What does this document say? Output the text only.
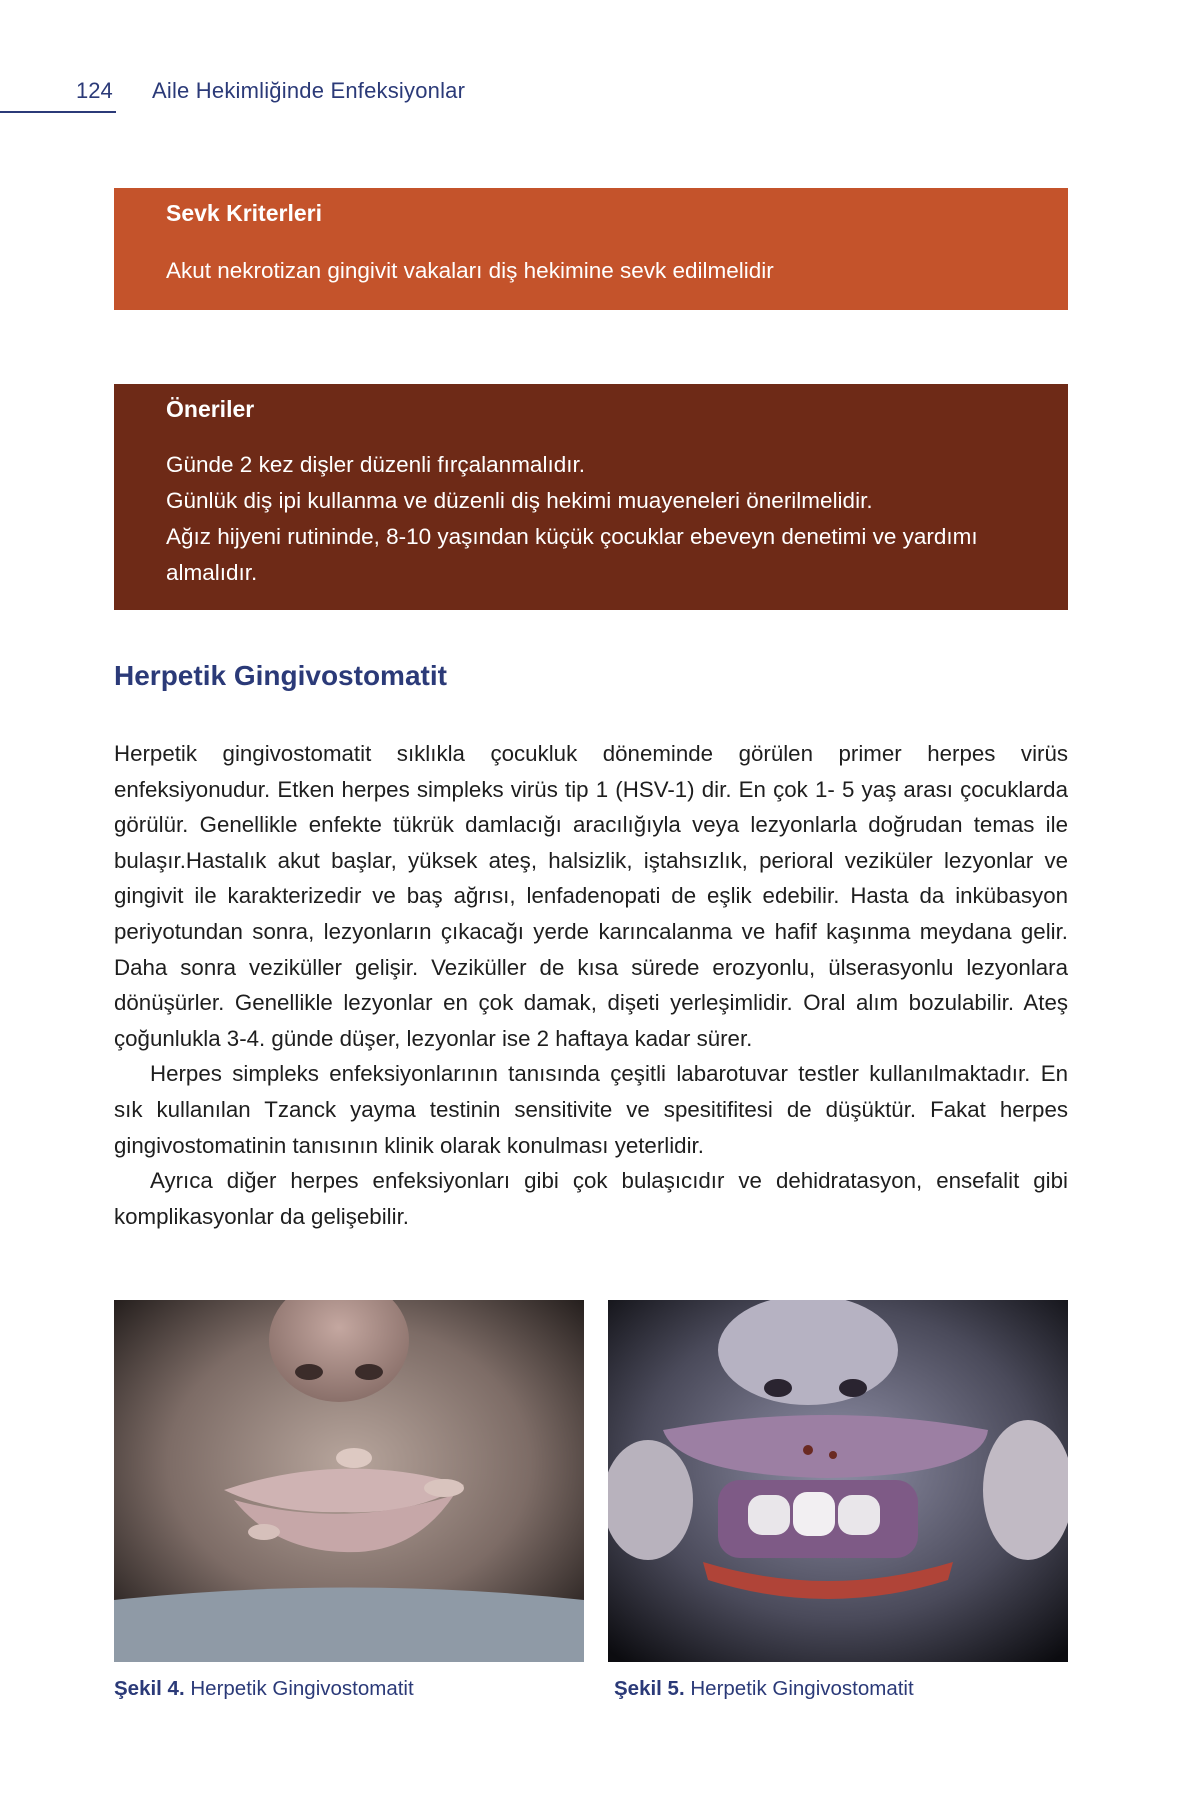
124 Aile Hekimliğinde Enfeksiyonlar
Sevk Kriterleri
Akut nekrotizan gingivit vakaları diş hekimine sevk edilmelidir
Öneriler
Günde 2 kez dişler düzenli fırçalanmalıdır.
Günlük diş ipi kullanma ve düzenli diş hekimi muayeneleri önerilmelidir.
Ağız hijyeni rutininde, 8-10 yaşından küçük çocuklar ebeveyn denetimi ve yardımı almalıdır.
Herpetik Gingivostomatit

Herpetik gingivostomatit sıklıkla çocukluk döneminde görülen primer herpes virüs enfeksiyonudur. Etken herpes simpleks virüs tip 1 (HSV-1) dir. En çok 1- 5 yaş arası çocuklarda görülür. Genellikle enfekte tükrük damlacığı aracılığıyla veya lezyonlarla doğrudan temas ile bulaşır.Hastalık akut başlar, yüksek ateş, halsizlik, iştahsızlık, perioral veziküler lezyonlar ve gingivit ile karakterizedir ve baş ağrısı, lenfadenopati de eşlik edebilir. Hasta da inkübasyon periyotundan sonra, lezyonların çıkacağı yerde karıncalanma ve hafif kaşınma meydana gelir. Daha sonra veziküller gelişir. Veziküller de kısa sürede erozyonlu, ülserasyonlu lezyonlara dönüşürler. Genellikle lezyonlar en çok damak, dişeti yerleşimlidir. Oral alım bozulabilir. Ateş çoğunlukla 3-4. günde düşer, lezyonlar ise 2 haftaya kadar sürer.

Herpes simpleks enfeksiyonlarının tanısında çeşitli labarotuvar testler kullanılmaktadır. En sık kullanılan Tzanck yayma testinin sensitivite ve spesitifitesi de düşüktür. Fakat herpes gingivostomatinin tanısının klinik olarak konulması yeterlidir.

Ayrıca diğer herpes enfeksiyonları gibi çok bulaşıcıdır ve dehidratasyon, ensefalit gibi komplikasyonlar da gelişebilir.

Şekil 4. Herpetik Gingivostomatit	Şekil 5. Herpetik Gingivostomatit
